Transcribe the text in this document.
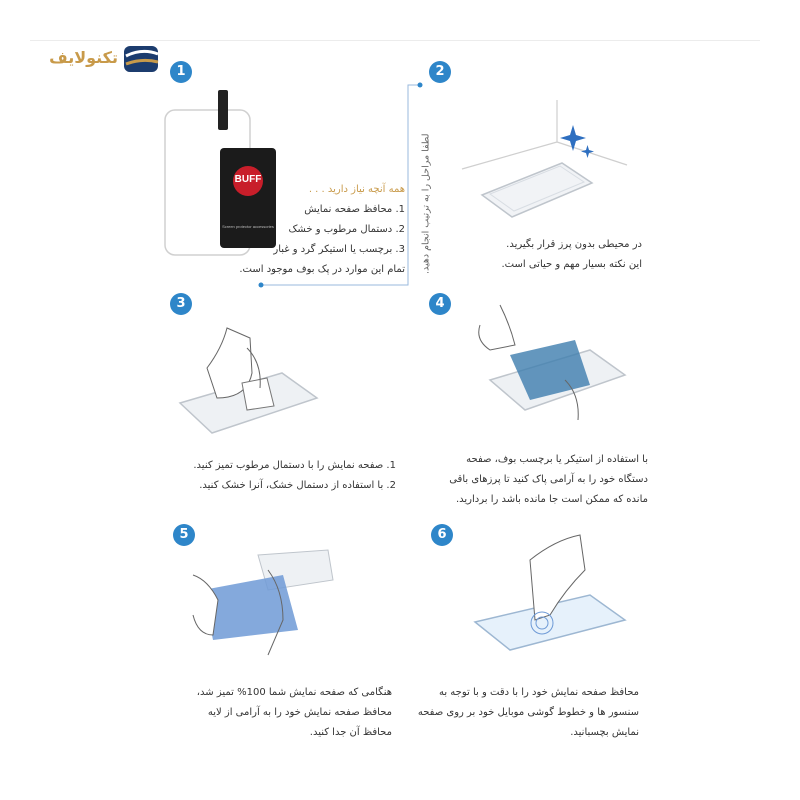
تکنولایف
1
BUFF
Screen protector accessories
همه آنچه نیاز دارید . . .
1. محافظ صفحه نمایش
2. دستمال مرطوب و خشک
3. برچسب یا استیکر گرد و غبار
تمام این موارد در پک بوف موجود است. لطفا مراحل را به ترتیب انجام دهید.
2
در محیطی بدون پرز قرار بگیرید.
این نکته بسیار مهم و حیاتی است.
3
1. صفحه نمایش را با دستمال مرطوب تمیز کنید.
2. با استفاده از دستمال خشک، آنرا خشک کنید.
4
با استفاده از استیکر یا برچسب بوف، صفحه
دستگاه خود را به آرامی پاک کنید تا پرزهای باقی
مانده که ممکن است جا مانده باشد را بردارید.
5
هنگامی که صفحه نمایش شما 100% تمیز شد،
محافظ صفحه نمایش خود را به آرامی از لایه
محافظ آن جدا کنید.
6
محافظ صفحه نمایش خود را با دقت و با توجه به
سنسور ها و خطوط گوشی موبایل خود بر روی صفحه
نمایش بچسبانید.
